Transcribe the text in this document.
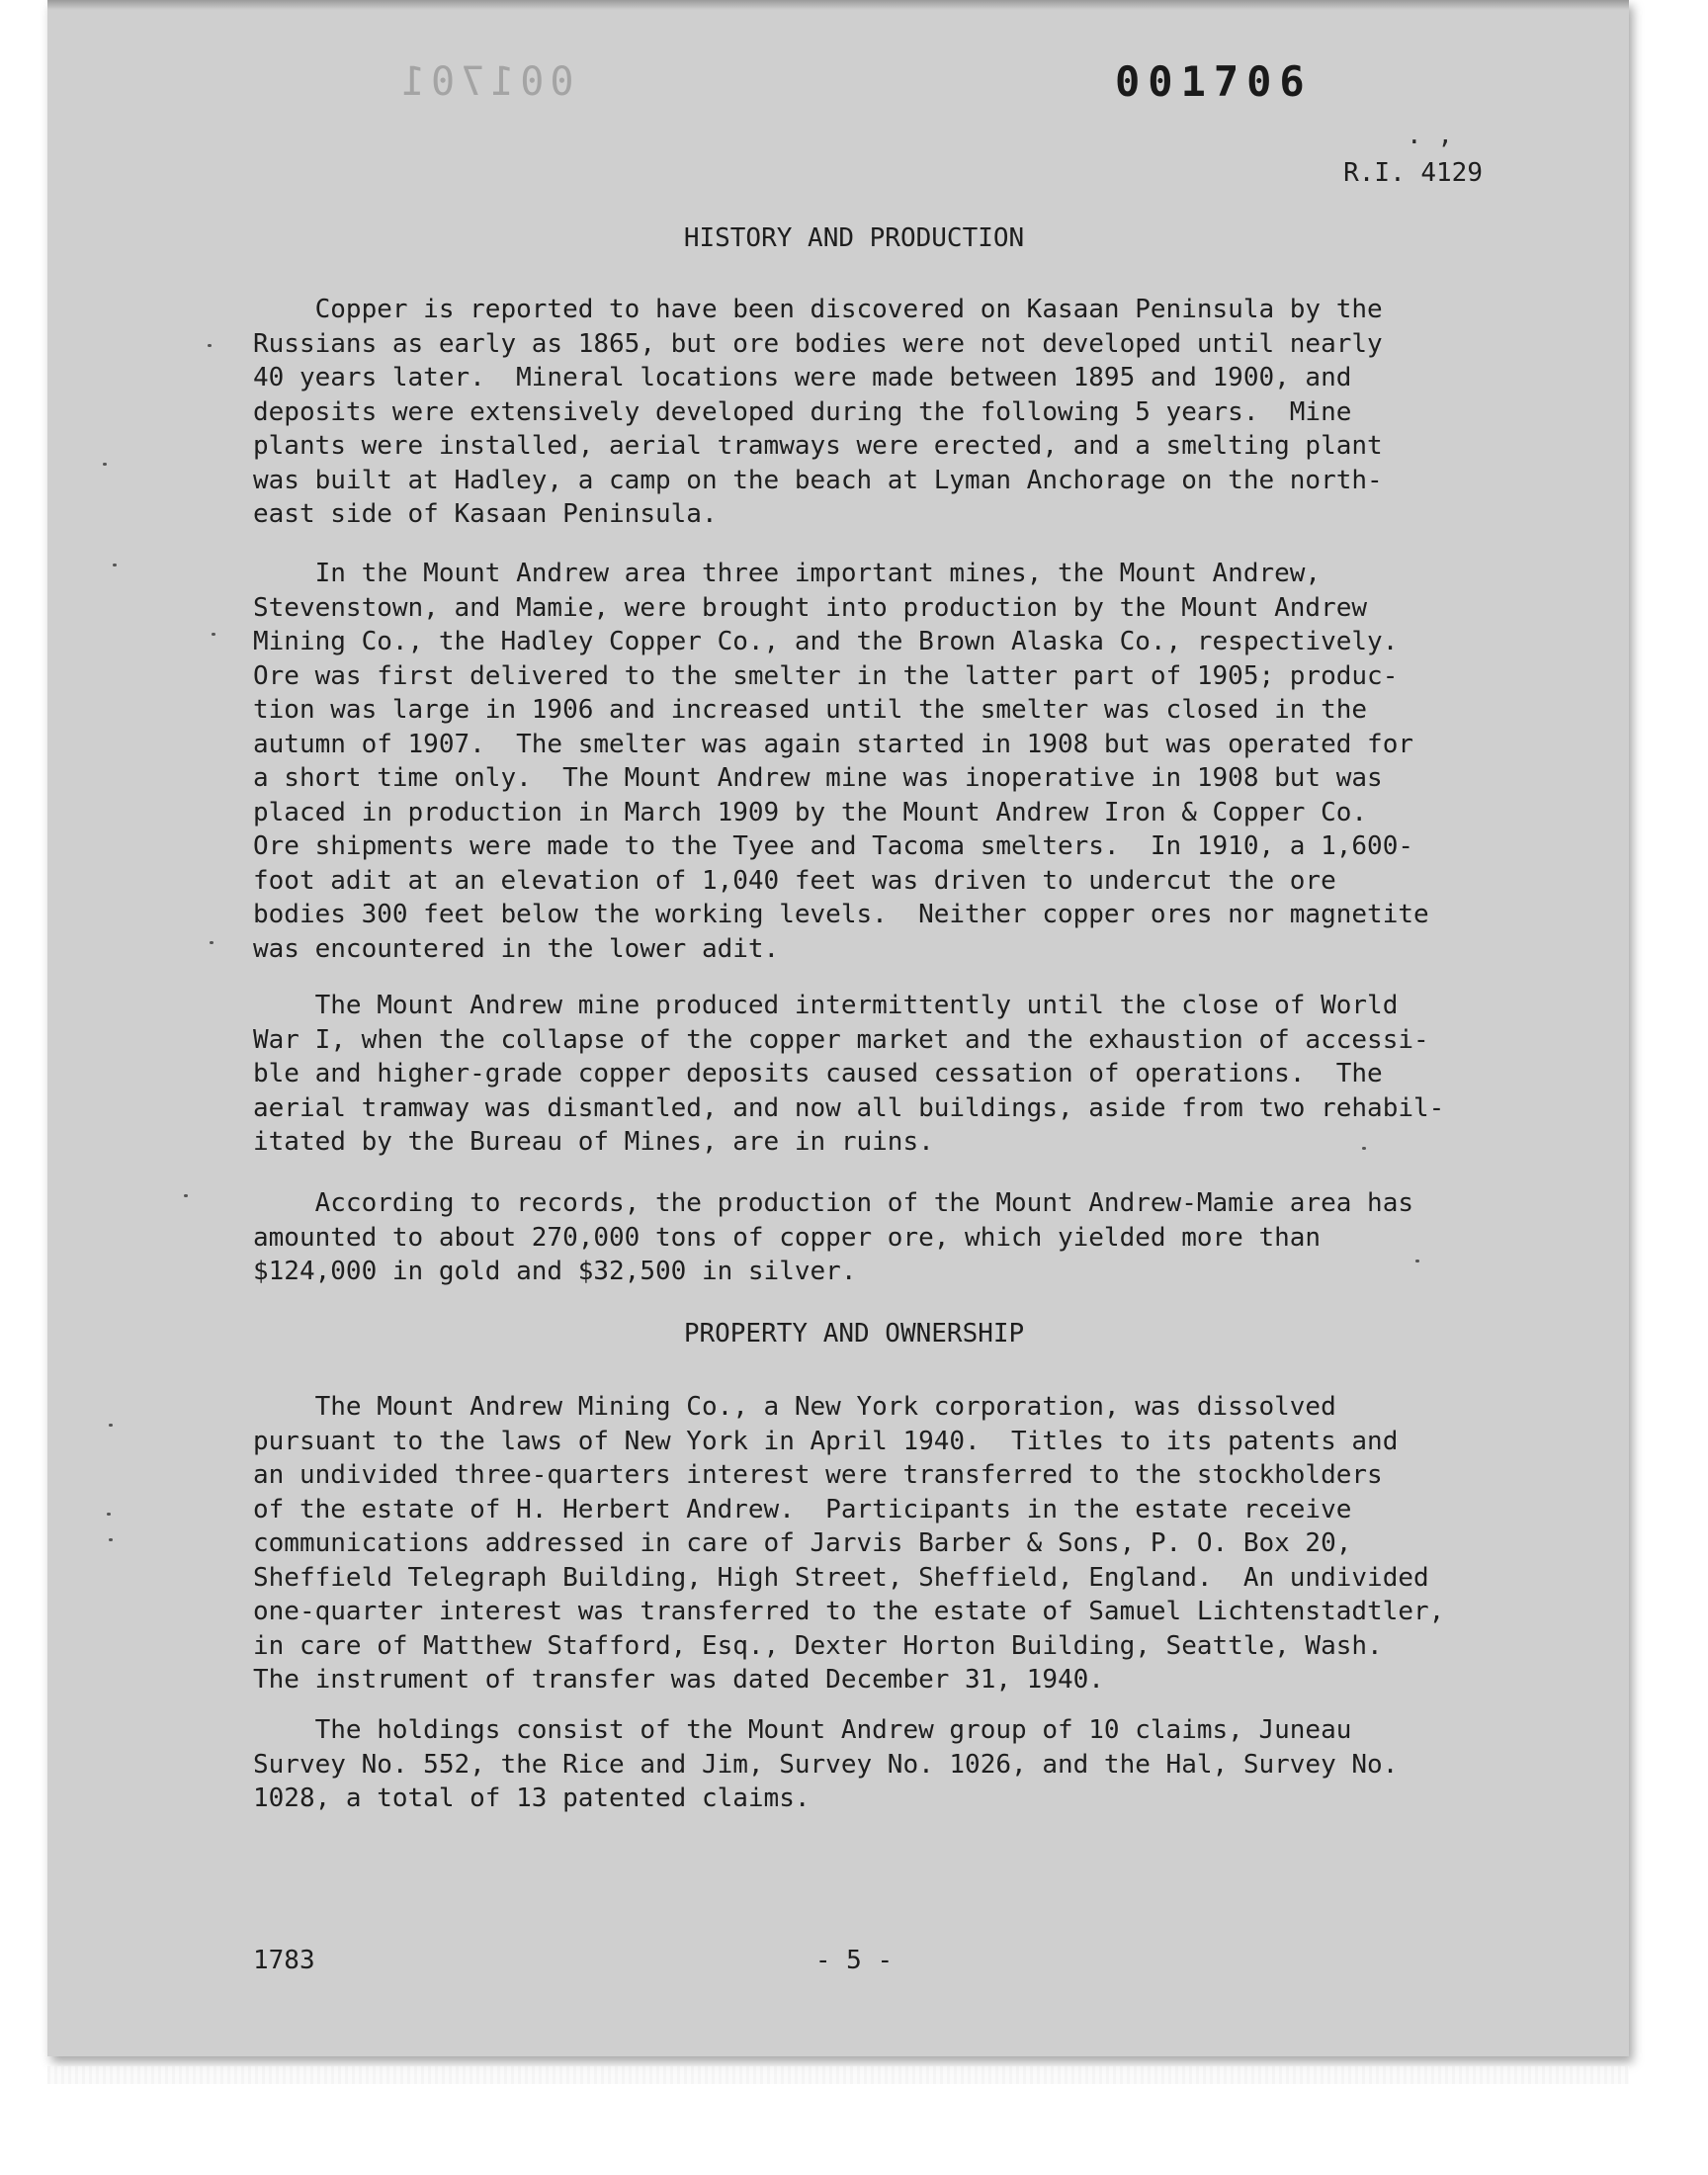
001701	001706
. ,
R.I. 4129
HISTORY AND PRODUCTION
Copper is reported to have been discovered on Kasaan Peninsula by the
Russians as early as 1865, but ore bodies were not developed until nearly
40 years later.  Mineral locations were made between 1895 and 1900, and
deposits were extensively developed during the following 5 years.  Mine
plants were installed, aerial tramways were erected, and a smelting plant
was built at Hadley, a camp on the beach at Lyman Anchorage on the north-
east side of Kasaan Peninsula.
In the Mount Andrew area three important mines, the Mount Andrew,
Stevenstown, and Mamie, were brought into production by the Mount Andrew
Mining Co., the Hadley Copper Co., and the Brown Alaska Co., respectively.
Ore was first delivered to the smelter in the latter part of 1905; produc-
tion was large in 1906 and increased until the smelter was closed in the
autumn of 1907.  The smelter was again started in 1908 but was operated for
a short time only.  The Mount Andrew mine was inoperative in 1908 but was
placed in production in March 1909 by the Mount Andrew Iron & Copper Co.
Ore shipments were made to the Tyee and Tacoma smelters.  In 1910, a 1,600-
foot adit at an elevation of 1,040 feet was driven to undercut the ore
bodies 300 feet below the working levels.  Neither copper ores nor magnetite
was encountered in the lower adit.
The Mount Andrew mine produced intermittently until the close of World
War I, when the collapse of the copper market and the exhaustion of accessi-
ble and higher-grade copper deposits caused cessation of operations.  The
aerial tramway was dismantled, and now all buildings, aside from two rehabil-
itated by the Bureau of Mines, are in ruins.
According to records, the production of the Mount Andrew-Mamie area has
amounted to about 270,000 tons of copper ore, which yielded more than
$124,000 in gold and $32,500 in silver.
PROPERTY AND OWNERSHIP
The Mount Andrew Mining Co., a New York corporation, was dissolved
pursuant to the laws of New York in April 1940.  Titles to its patents and
an undivided three-quarters interest were transferred to the stockholders
of the estate of H. Herbert Andrew.  Participants in the estate receive
communications addressed in care of Jarvis Barber & Sons, P. O. Box 20,
Sheffield Telegraph Building, High Street, Sheffield, England.  An undivided
one-quarter interest was transferred to the estate of Samuel Lichtenstadtler,
in care of Matthew Stafford, Esq., Dexter Horton Building, Seattle, Wash.
The instrument of transfer was dated December 31, 1940.
The holdings consist of the Mount Andrew group of 10 claims, Juneau
Survey No. 552, the Rice and Jim, Survey No. 1026, and the Hal, Survey No.
1028, a total of 13 patented claims.
1783	- 5 -
